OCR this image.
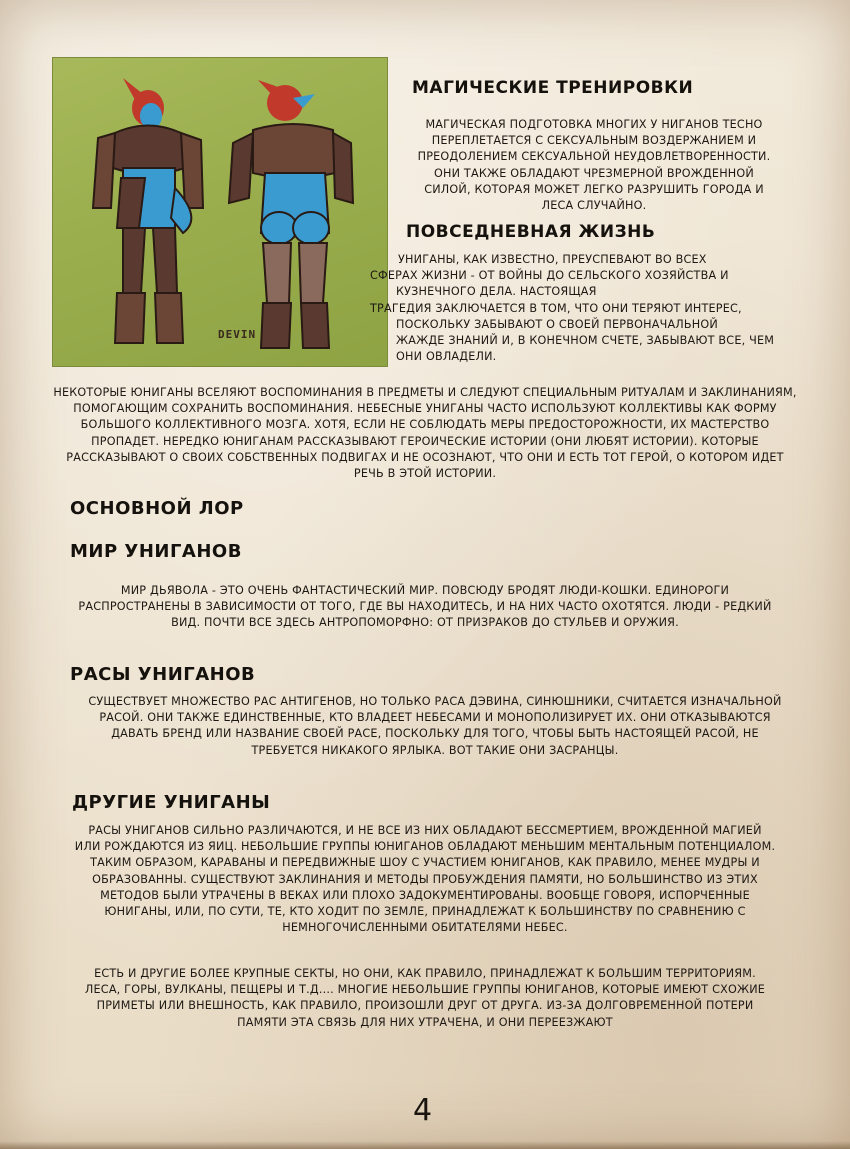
DEVIN
МАГИЧЕСКИЕ ТРЕНИРОВКИ
МАГИЧЕСКАЯ ПОДГОТОВКА МНОГИХ У НИГАНОВ ТЕСНО
ПЕРЕПЛЕТАЕТСЯ С СЕКСУАЛЬНЫМ ВОЗДЕРЖАНИЕМ И
ПРЕОДОЛЕНИЕМ СЕКСУАЛЬНОЙ НЕУДОВЛЕТВОРЕННОСТИ.
ОНИ ТАКЖЕ ОБЛАДАЮТ ЧРЕЗМЕРНОЙ ВРОЖДЕННОЙ
СИЛОЙ, КОТОРАЯ МОЖЕТ ЛЕГКО РАЗРУШИТЬ ГОРОДА И
ЛЕСА СЛУЧАЙНО.
ПОВСЕДНЕВНАЯ ЖИЗНЬ
УНИГАНЫ, КАК ИЗВЕСТНО, ПРЕУСПЕВАЮТ ВО ВСЕХ
СФЕРАХ ЖИЗНИ - ОТ ВОЙНЫ ДО СЕЛЬСКОГО ХОЗЯЙСТВА И
КУЗНЕЧНОГО ДЕЛА. НАСТОЯЩАЯ
ТРАГЕДИЯ ЗАКЛЮЧАЕТСЯ В ТОМ, ЧТО ОНИ ТЕРЯЮТ ИНТЕРЕС,
ПОСКОЛЬКУ ЗАБЫВАЮТ О СВОЕЙ ПЕРВОНАЧАЛЬНОЙ
ЖАЖДЕ ЗНАНИЙ И, В КОНЕЧНОМ СЧЕТЕ, ЗАБЫВАЮТ ВСЕ, ЧЕМ
ОНИ ОВЛАДЕЛИ.
НЕКОТОРЫЕ ЮНИГАНЫ ВСЕЛЯЮТ ВОСПОМИНАНИЯ В ПРЕДМЕТЫ И СЛЕДУЮТ СПЕЦИАЛЬНЫМ РИТУАЛАМ И ЗАКЛИНАНИЯМ,
ПОМОГАЮЩИМ СОХРАНИТЬ ВОСПОМИНАНИЯ. НЕБЕСНЫЕ УНИГАНЫ ЧАСТО ИСПОЛЬЗУЮТ КОЛЛЕКТИВЫ КАК ФОРМУ
БОЛЬШОГО КОЛЛЕКТИВНОГО МОЗГА. ХОТЯ, ЕСЛИ НЕ СОБЛЮДАТЬ МЕРЫ ПРЕДОСТОРОЖНОСТИ, ИХ МАСТЕРСТВО
ПРОПАДЕТ. НЕРЕДКО ЮНИГАНАМ РАССКАЗЫВАЮТ ГЕРОИЧЕСКИЕ ИСТОРИИ (ОНИ ЛЮБЯТ ИСТОРИИ). КОТОРЫЕ
РАССКАЗЫВАЮТ О СВОИХ СОБСТВЕННЫХ ПОДВИГАХ И НЕ ОСОЗНАЮТ, ЧТО ОНИ И ЕСТЬ ТОТ ГЕРОЙ, О КОТОРОМ ИДЕТ
РЕЧЬ В ЭТОЙ ИСТОРИИ.
ОСНОВНОЙ ЛОР
МИР УНИГАНОВ
МИР ДЬЯВОЛА - ЭТО ОЧЕНЬ ФАНТАСТИЧЕСКИЙ МИР. ПОВСЮДУ БРОДЯТ ЛЮДИ-КОШКИ. ЕДИНОРОГИ
РАСПРОСТРАНЕНЫ В ЗАВИСИМОСТИ ОТ ТОГО, ГДЕ ВЫ НАХОДИТЕСЬ, И НА НИХ ЧАСТО ОХОТЯТСЯ. ЛЮДИ - РЕДКИЙ
ВИД. ПОЧТИ ВСЕ ЗДЕСЬ АНТРОПОМОРФНО: ОТ ПРИЗРАКОВ ДО СТУЛЬЕВ И ОРУЖИЯ.
РАСЫ УНИГАНОВ
СУЩЕСТВУЕТ МНОЖЕСТВО РАС АНТИГЕНОВ, НО ТОЛЬКО РАСА ДЭВИНА, СИНЮШНИКИ, СЧИТАЕТСЯ ИЗНАЧАЛЬНОЙ
РАСОЙ. ОНИ ТАКЖЕ ЕДИНСТВЕННЫЕ, КТО ВЛАДЕЕТ НЕБЕСАМИ И МОНОПОЛИЗИРУЕТ ИХ. ОНИ ОТКАЗЫВАЮТСЯ
ДАВАТЬ БРЕНД ИЛИ НАЗВАНИЕ СВОЕЙ РАСЕ, ПОСКОЛЬКУ ДЛЯ ТОГО, ЧТОБЫ БЫТЬ НАСТОЯЩЕЙ РАСОЙ, НЕ
ТРЕБУЕТСЯ НИКАКОГО ЯРЛЫКА. ВОТ ТАКИЕ ОНИ ЗАСРАНЦЫ.
ДРУГИЕ УНИГАНЫ
РАСЫ УНИГАНОВ СИЛЬНО РАЗЛИЧАЮТСЯ, И НЕ ВСЕ ИЗ НИХ ОБЛАДАЮТ БЕССМЕРТИЕМ, ВРОЖДЕННОЙ МАГИЕЙ
ИЛИ РОЖДАЮТСЯ ИЗ ЯИЦ. НЕБОЛЬШИЕ ГРУППЫ ЮНИГАНОВ ОБЛАДАЮТ МЕНЬШИМ МЕНТАЛЬНЫМ ПОТЕНЦИАЛОМ.
ТАКИМ ОБРАЗОМ, КАРАВАНЫ И ПЕРЕДВИЖНЫЕ ШОУ С УЧАСТИЕМ ЮНИГАНОВ, КАК ПРАВИЛО, МЕНЕЕ МУДРЫ И
ОБРАЗОВАННЫ. СУЩЕСТВУЮТ ЗАКЛИНАНИЯ И МЕТОДЫ ПРОБУЖДЕНИЯ ПАМЯТИ, НО БОЛЬШИНСТВО ИЗ ЭТИХ
МЕТОДОВ БЫЛИ УТРАЧЕНЫ В ВЕКАХ ИЛИ ПЛОХО ЗАДОКУМЕНТИРОВАНЫ. ВООБЩЕ ГОВОРЯ, ИСПОРЧЕННЫЕ
ЮНИГАНЫ, ИЛИ, ПО СУТИ, ТЕ, КТО ХОДИТ ПО ЗЕМЛЕ, ПРИНАДЛЕЖАТ К БОЛЬШИНСТВУ ПО СРАВНЕНИЮ С
НЕМНОГОЧИСЛЕННЫМИ ОБИТАТЕЛЯМИ НЕБЕС.
ЕСТЬ И ДРУГИЕ БОЛЕЕ КРУПНЫЕ СЕКТЫ, НО ОНИ, КАК ПРАВИЛО, ПРИНАДЛЕЖАТ К БОЛЬШИМ ТЕРРИТОРИЯМ.
ЛЕСА, ГОРЫ, ВУЛКАНЫ, ПЕЩЕРЫ И Т.Д.... МНОГИЕ НЕБОЛЬШИЕ ГРУППЫ ЮНИГАНОВ, КОТОРЫЕ ИМЕЮТ СХОЖИЕ
ПРИМЕТЫ ИЛИ ВНЕШНОСТЬ, КАК ПРАВИЛО, ПРОИЗОШЛИ ДРУГ ОТ ДРУГА. ИЗ-ЗА ДОЛГОВРЕМЕННОЙ ПОТЕРИ
ПАМЯТИ ЭТА СВЯЗЬ ДЛЯ НИХ УТРАЧЕНА, И ОНИ ПЕРЕЕЗЖАЮТ
4
